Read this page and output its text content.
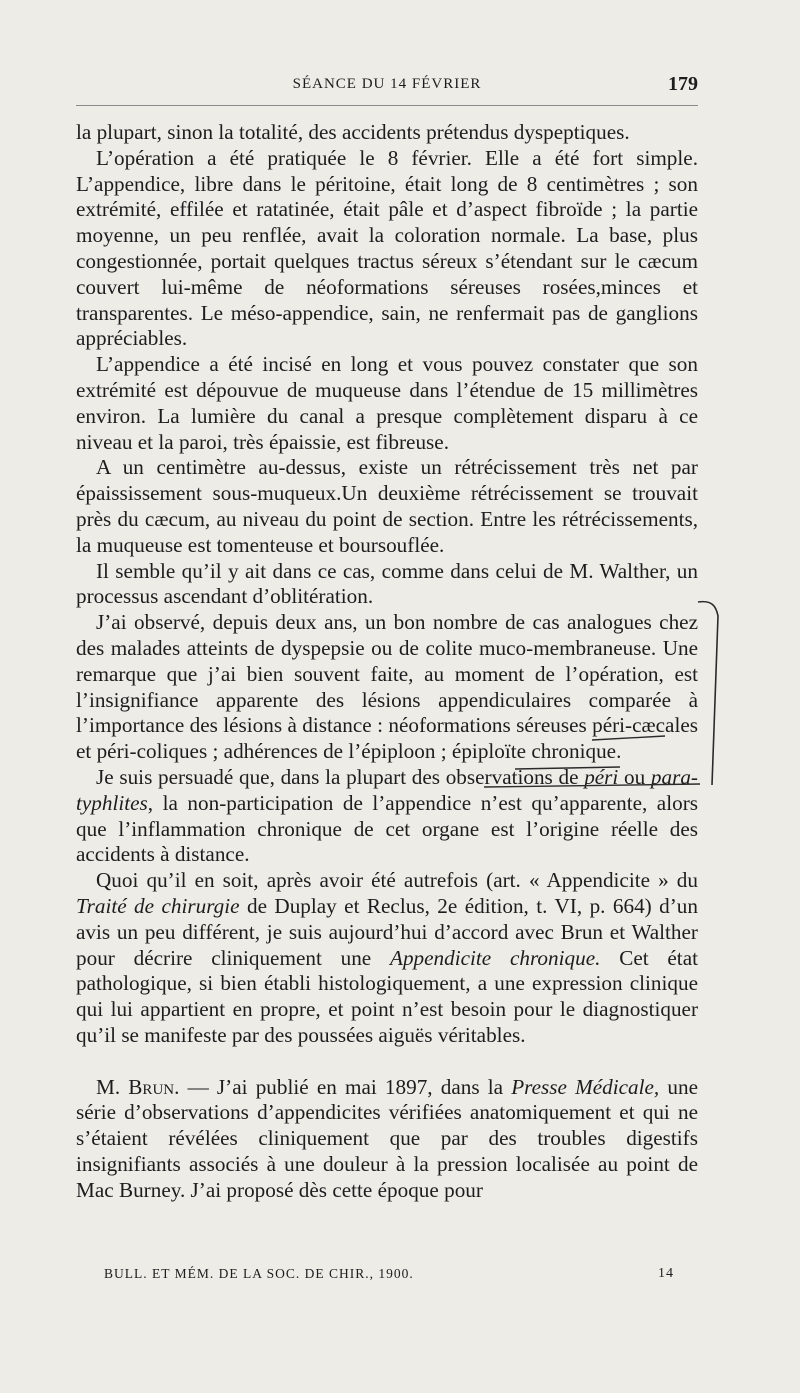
SÉANCE DU 14 FÉVRIER	179

la plupart, sinon la totalité, des accidents prétendus dyspeptiques.

L’opération a été pratiquée le 8 février. Elle a été fort simple. L’appendice, libre dans le péritoine, était long de 8 centimètres ; son extrémité, effilée et ratatinée, était pâle et d’aspect fibroïde ; la partie moyenne, un peu renflée, avait la coloration normale. La base, plus congestionnée, portait quelques tractus séreux s’étendant sur le cæcum couvert lui-même de néoformations séreuses rosées,minces et transparentes. Le méso-appendice, sain, ne renfermait pas de ganglions appréciables.

L’appendice a été incisé en long et vous pouvez constater que son extrémité est dépouvue de muqueuse dans l’étendue de 15 millimètres environ. La lumière du canal a presque complètement disparu à ce niveau et la paroi, très épaissie, est fibreuse.

A un centimètre au-dessus, existe un rétrécissement très net par épaississement sous-muqueux.Un deuxième rétrécissement se trouvait près du cæcum, au niveau du point de section. Entre les rétrécissements, la muqueuse est tomenteuse et boursouflée.

Il semble qu’il y ait dans ce cas, comme dans celui de M. Walther, un processus ascendant d’oblitération.

J’ai observé, depuis deux ans, un bon nombre de cas analogues chez des malades atteints de dyspepsie ou de colite muco-membraneuse. Une remarque que j’ai bien souvent faite, au moment de l’opération, est l’insignifiance apparente des lésions appendiculaires comparée à l’importance des lésions à distance : néoformations séreuses péri-cæcales et péri-coliques ; adhérences de l’épiploon ; épiploïte chronique.

Je suis persuadé que, dans la plupart des observations de péri ou para-typhlites, la non-participation de l’appendice n’est qu’apparente, alors que l’inflammation chronique de cet organe est l’origine réelle des accidents à distance.

Quoi qu’il en soit, après avoir été autrefois (art. « Appendicite » du Traité de chirurgie de Duplay et Reclus, 2e édition, t. VI, p. 664) d’un avis un peu différent, je suis aujourd’hui d’accord avec Brun et Walther pour décrire cliniquement une Appendicite chronique. Cet état pathologique, si bien établi histologiquement, a une expression clinique qui lui appartient en propre, et point n’est besoin pour le diagnostiquer qu’il se manifeste par des poussées aiguës véritables.

M. Brun. — J’ai publié en mai 1897, dans la Presse Médicale, une série d’observations d’appendicites vérifiées anatomiquement et qui ne s’étaient révélées cliniquement que par des troubles digestifs insignifiants associés à une douleur à la pression localisée au point de Mac Burney. J’ai proposé dès cette époque pour

BULL. ET MÉM. DE LA SOC. DE CHIR., 1900.	14
